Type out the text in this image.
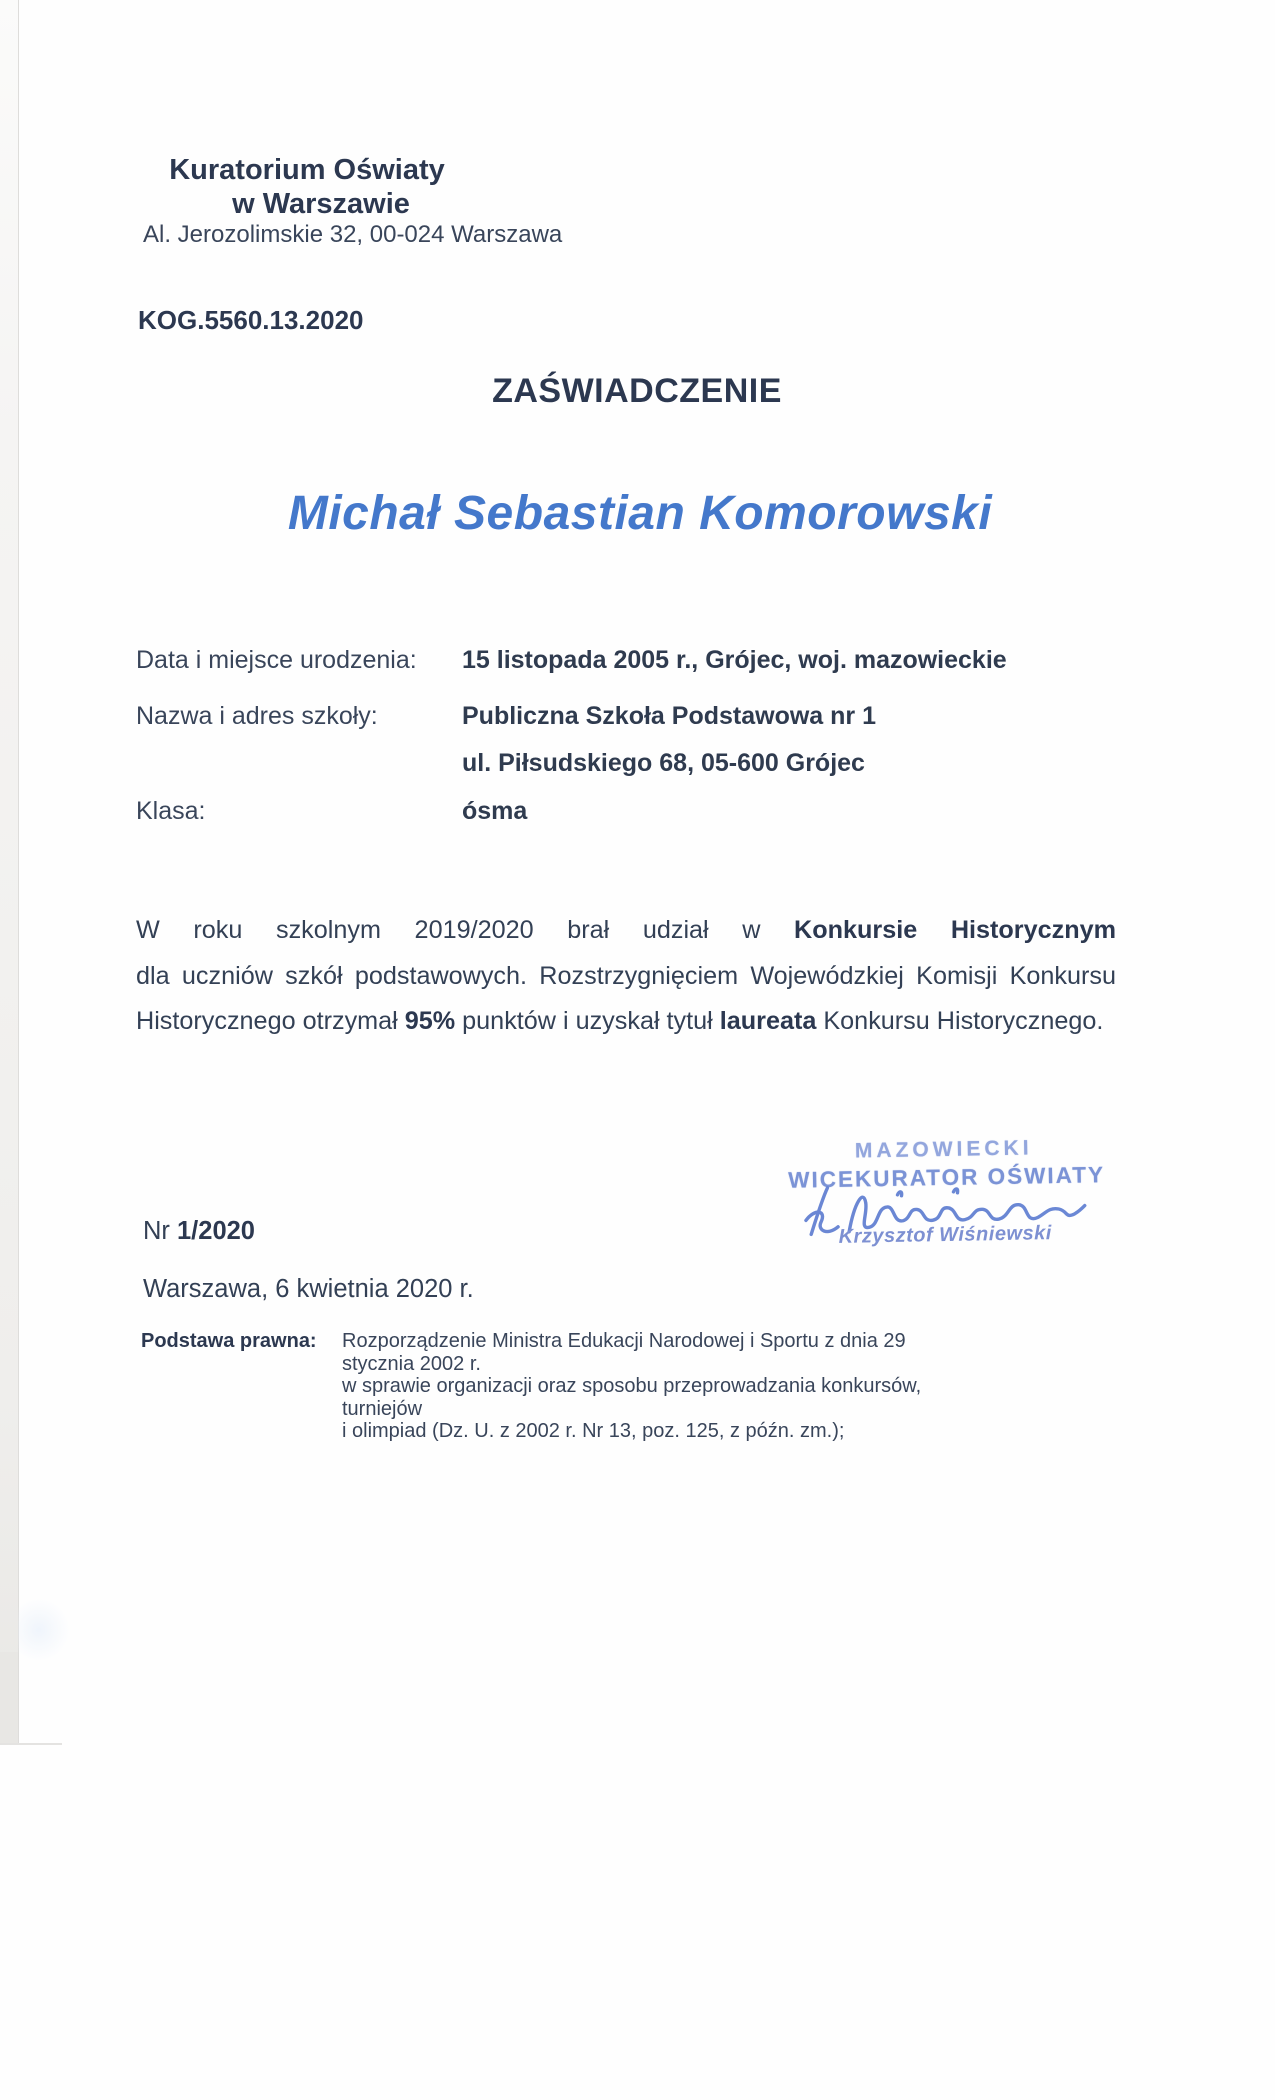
Kuratorium Oświaty
w Warszawie
Al. Jerozolimskie 32, 00-024 Warszawa
KOG.5560.13.2020
ZAŚWIADCZENIE
Michał Sebastian Komorowski
Data i miejsce urodzenia: 15 listopada 2005 r., Grójec, woj. mazowieckie
Nazwa i adres szkoły:	Publiczna Szkoła Podstawowa nr 1
ul. Piłsudskiego 68, 05-600 Grójec
Klasa:	ósma
W roku szkolnym 2019/2020 brał udział w Konkursie Historycznym
dla uczniów szkół podstawowych. Rozstrzygnięciem Wojewódzkiej Komisji Konkursu
Historycznego otrzymał 95% punktów i uzyskał tytuł laureata Konkursu Historycznego.
MAZOWIECKI
WICEKURATOR OŚWIATY
Krzysztof Wiśniewski
Nr 1/2020
Warszawa, 6 kwietnia 2020 r.
Podstawa prawna: Rozporządzenie Ministra Edukacji Narodowej i Sportu z dnia 29 stycznia 2002 r.
w sprawie organizacji oraz sposobu przeprowadzania konkursów, turniejów
i olimpiad (Dz. U. z 2002 r. Nr 13, poz. 125, z późn. zm.);
